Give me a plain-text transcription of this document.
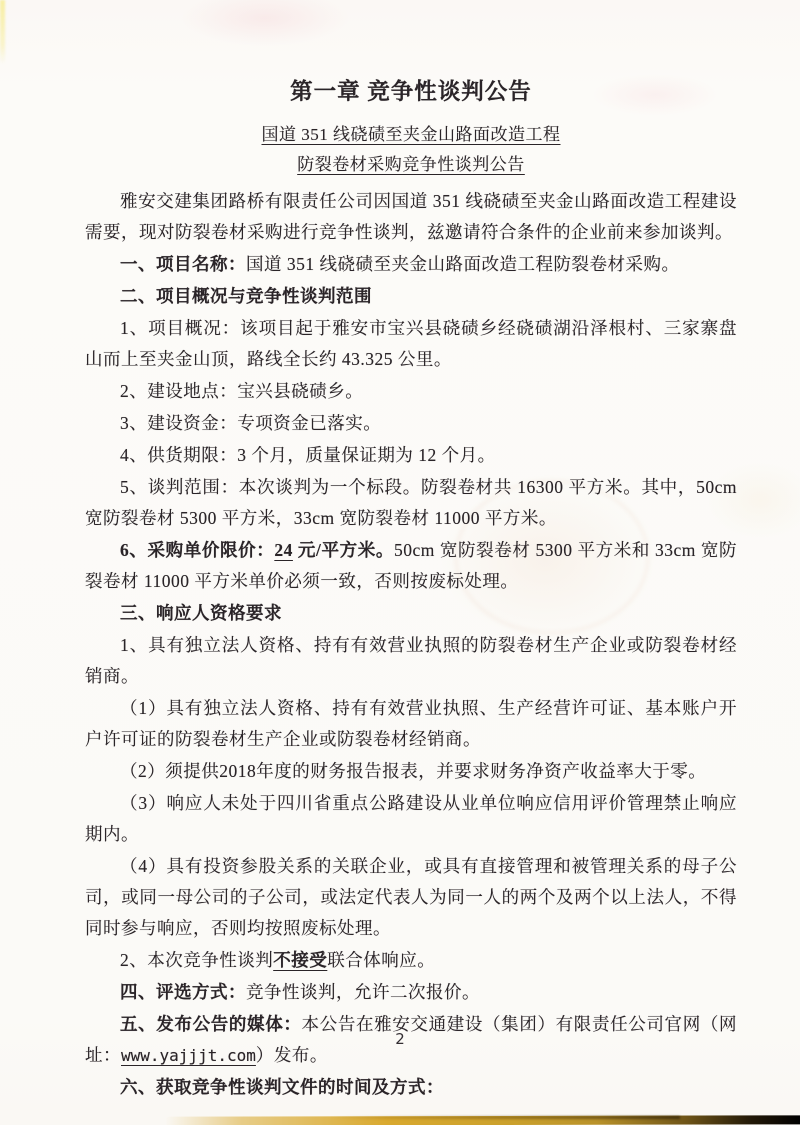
第一章 竞争性谈判公告

国道 351 线硗碛至夹金山路面改造工程

防裂卷材采购竞争性谈判公告

雅安交建集团路桥有限责任公司因国道 351 线硗碛至夹金山路面改造工程建设需要，现对防裂卷材采购进行竞争性谈判，兹邀请符合条件的企业前来参加谈判。

一、项目名称：国道 351 线硗碛至夹金山路面改造工程防裂卷材采购。

二、项目概况与竞争性谈判范围

1、项目概况：该项目起于雅安市宝兴县硗碛乡经硗碛湖沿泽根村、三家寨盘山而上至夹金山顶，路线全长约 43.325 公里。

2、建设地点：宝兴县硗碛乡。

3、建设资金：专项资金已落实。

4、供货期限：3 个月，质量保证期为 12 个月。

5、谈判范围：本次谈判为一个标段。防裂卷材共 16300 平方米。其中，50cm 宽防裂卷材 5300 平方米，33cm 宽防裂卷材 11000 平方米。

6、采购单价限价：24 元/平方米。50cm 宽防裂卷材 5300 平方米和 33cm 宽防裂卷材 11000 平方米单价必须一致，否则按废标处理。

三、响应人资格要求

1、具有独立法人资格、持有有效营业执照的防裂卷材生产企业或防裂卷材经销商。

（1）具有独立法人资格、持有有效营业执照、生产经营许可证、基本账户开户许可证的防裂卷材生产企业或防裂卷材经销商。

（2）须提供2018年度的财务报告报表，并要求财务净资产收益率大于零。

（3）响应人未处于四川省重点公路建设从业单位响应信用评价管理禁止响应期内。

（4）具有投资参股关系的关联企业，或具有直接管理和被管理关系的母子公司，或同一母公司的子公司，或法定代表人为同一人的两个及两个以上法人，不得同时参与响应，否则均按照废标处理。

2、本次竞争性谈判不接受联合体响应。

四、评选方式：竞争性谈判，允许二次报价。

五、发布公告的媒体：本公告在雅安交通建设（集团）有限责任公司官网（网址：www.yajjjt.com）发布。

六、获取竞争性谈判文件的时间及方式：

2
